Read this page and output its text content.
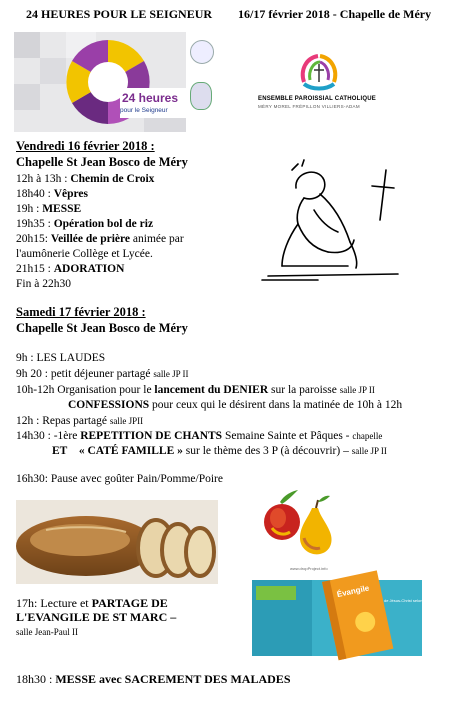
24 HEURES POUR LE SEIGNEUR 16/17 février 2018 - Chapelle de Méry
24 heures
pour le Seigneur
ENSEMBLE PAROISSIAL CATHOLIQUE
MÉRY MOREL FRÉPILLON VILLIERS-ADAM
Vendredi 16 février 2018 :
Chapelle St Jean Bosco de Méry
12h à 13h : Chemin de Croix
18h40 : Vêpres
19h : MESSE
19h35 : Opération bol de riz
20h15: Veillée de prière animée par
l'aumônerie Collège et Lycée.
21h15 : ADORATION
Fin à 22h30
Samedi 17 février 2018 :
Chapelle St Jean Bosco de Méry
9h : LES LAUDES
9h 20 : petit déjeuner partagé salle JP II
10h-12h Organisation pour le lancement du DENIER sur la paroisse salle JP II
CONFESSIONS pour ceux qui le désirent dans la matinée de 10h à 12h
12h : Repas partagé salle JPII
14h30 : -1ère REPETITION DE CHANTS Semaine Sainte et Pâques - chapelle
ET « CATÉ FAMILLE » sur le thème des 3 P (à découvrir) – salle JP II
16h30: Pause avec goûter Pain/Pomme/Poire
www.dropProject.info
17h: Lecture et PARTAGE DE
L'EVANGILE DE ST MARC –
salle Jean-Paul II
Évangile
de Jésus-Christ selon saint Marc
18h30 : MESSE avec SACREMENT DES MALADES
